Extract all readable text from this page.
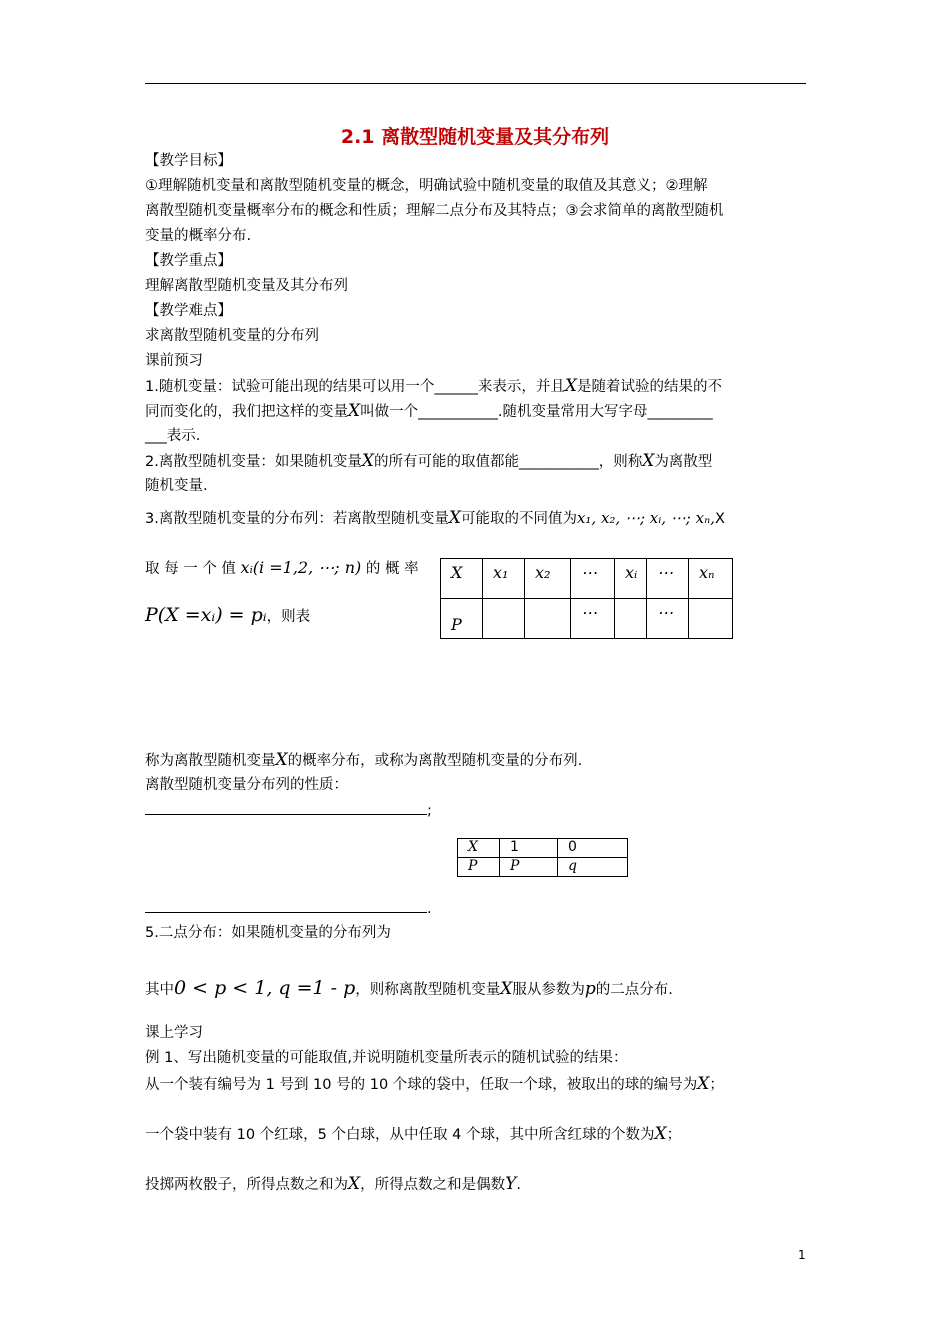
2.1 离散型随机变量及其分布列
【教学目标】
①理解随机变量和离散型随机变量的概念，明确试验中随机变量的取值及其意义；②理解
离散型随机变量概率分布的概念和性质；理解二点分布及其特点；③会求简单的离散型随机
变量的概率分布.
【教学重点】
理解离散型随机变量及其分布列
【教学难点】
求离散型随机变量的分布列
课前预习
1.随机变量：试验可能出现的结果可以用一个______来表示，并且X是随着试验的结果的不
同而变化的，我们把这样的变量X叫做一个___________.随机变量常用大写字母_________
___表示.
2.离散型随机变量：如果随机变量X的所有可能的取值都能___________，则称X为离散型
随机变量.
3.离散型随机变量的分布列：若离散型随机变量X可能取的不同值为x₁, x₂, ⋯; xᵢ, ⋯; xₙ,X
取 每 一 个 值 xᵢ(i =1,2, ⋯; n) 的 概 率
P(X =xᵢ) = pᵢ，则表
X	x₁	x₂	⋯	xᵢ	⋯	xₙ
P			⋯		⋯	
称为离散型随机变量X的概率分布，或称为离散型随机变量的分布列.
离散型随机变量分布列的性质：
;
X	1	0
P	P	q
.
5.二点分布：如果随机变量的分布列为
其中0 < p < 1, q =1 - p，则称离散型随机变量X服从参数为p的二点分布.
课上学习
例 1、写出随机变量的可能取值,并说明随机变量所表示的随机试验的结果：
从一个装有编号为 1 号到 10 号的 10 个球的袋中，任取一个球，被取出的球的编号为X；
一个袋中装有 10 个红球，5 个白球，从中任取 4 个球，其中所含红球的个数为X；
投掷两枚骰子，所得点数之和为X，所得点数之和是偶数Y.
1
